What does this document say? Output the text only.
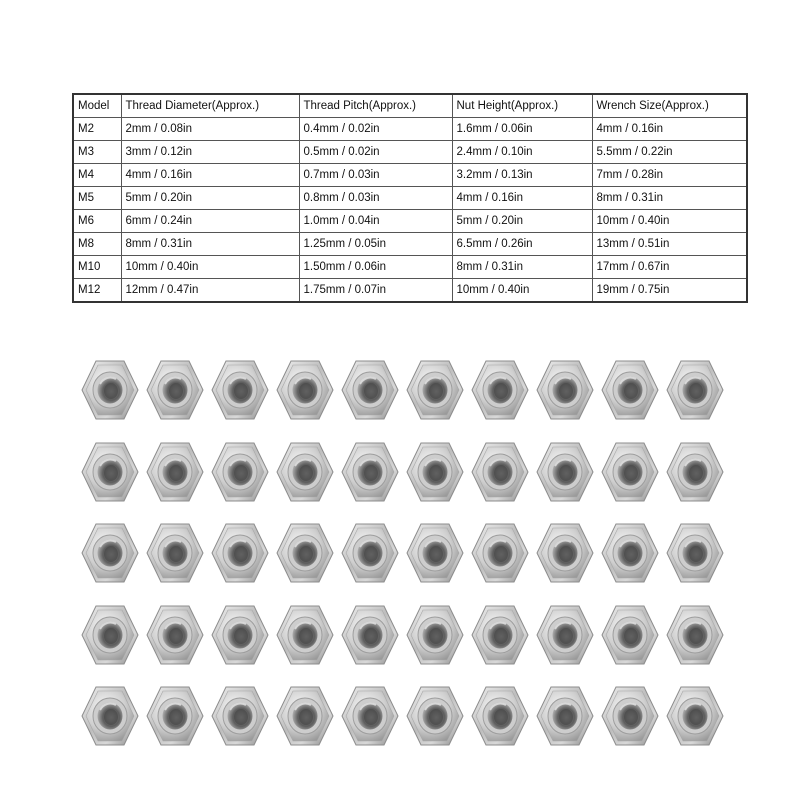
Model	Thread Diameter(Approx.)	Thread Pitch(Approx.)	Nut Height(Approx.)	Wrench Size(Approx.)
M2	2mm / 0.08in	0.4mm / 0.02in	1.6mm / 0.06in	4mm / 0.16in
M3	3mm / 0.12in	0.5mm / 0.02in	2.4mm / 0.10in	5.5mm / 0.22in
M4	4mm / 0.16in	0.7mm / 0.03in	3.2mm / 0.13in	7mm / 0.28in
M5	5mm / 0.20in	0.8mm / 0.03in	4mm / 0.16in	8mm / 0.31in
M6	6mm / 0.24in	1.0mm / 0.04in	5mm / 0.20in	10mm / 0.40in
M8	8mm / 0.31in	1.25mm / 0.05in	6.5mm / 0.26in	13mm / 0.51in
M10	10mm / 0.40in	1.50mm / 0.06in	8mm / 0.31in	17mm / 0.67in
M12	12mm / 0.47in	1.75mm / 0.07in	10mm / 0.40in	19mm / 0.75in
